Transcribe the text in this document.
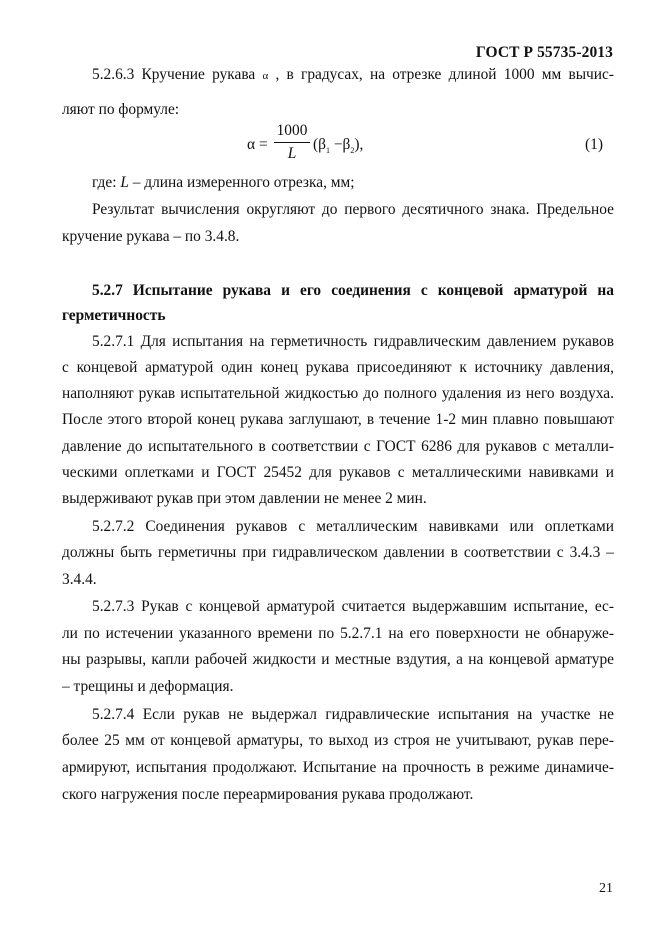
ГОСТ Р 55735-2013
5.2.6.3 Кручение рукава α , в градусах, на отрезке длиной 1000 мм вычис-
ляют по формуле:
α =
1000
L
$(\beta_1 -\beta_2)$,	(1)
где: L – длина измеренного отрезка, мм;
Результат вычисления округляют до первого десятичного знака. Предельное
кручение рукава – по 3.4.8.
5.2.7 Испытание рукава и его соединения с концевой арматурой на
герметичность
5.2.7.1 Для испытания на герметичность гидравлическим давлением рукавов
с концевой арматурой один конец рукава присоединяют к источнику давления,
наполняют рукав испытательной жидкостью до полного удаления из него воздуха.
После этого второй конец рукава заглушают, в течение 1-2 мин плавно повышают
давление до испытательного в соответствии с ГОСТ 6286 для рукавов с металли-
ческими оплетками и ГОСТ 25452 для рукавов с металлическими навивками и
выдерживают рукав при этом давлении не менее 2 мин.
5.2.7.2 Соединения рукавов с металлическим навивками или оплетками
должны быть герметичны при гидравлическом давлении в соответствии с 3.4.3 –
3.4.4.
5.2.7.3 Рукав с концевой арматурой считается выдержавшим испытание, ес-
ли по истечении указанного времени по 5.2.7.1 на его поверхности не обнаруже-
ны разрывы, капли рабочей жидкости и местные вздутия, а на концевой арматуре
– трещины и деформация.
5.2.7.4 Если рукав не выдержал гидравлические испытания на участке не
более 25 мм от концевой арматуры, то выход из строя не учитывают, рукав пере-
армируют, испытания продолжают. Испытание на прочность в режиме динамиче-
ского нагружения после переармирования рукава продолжают.
21
